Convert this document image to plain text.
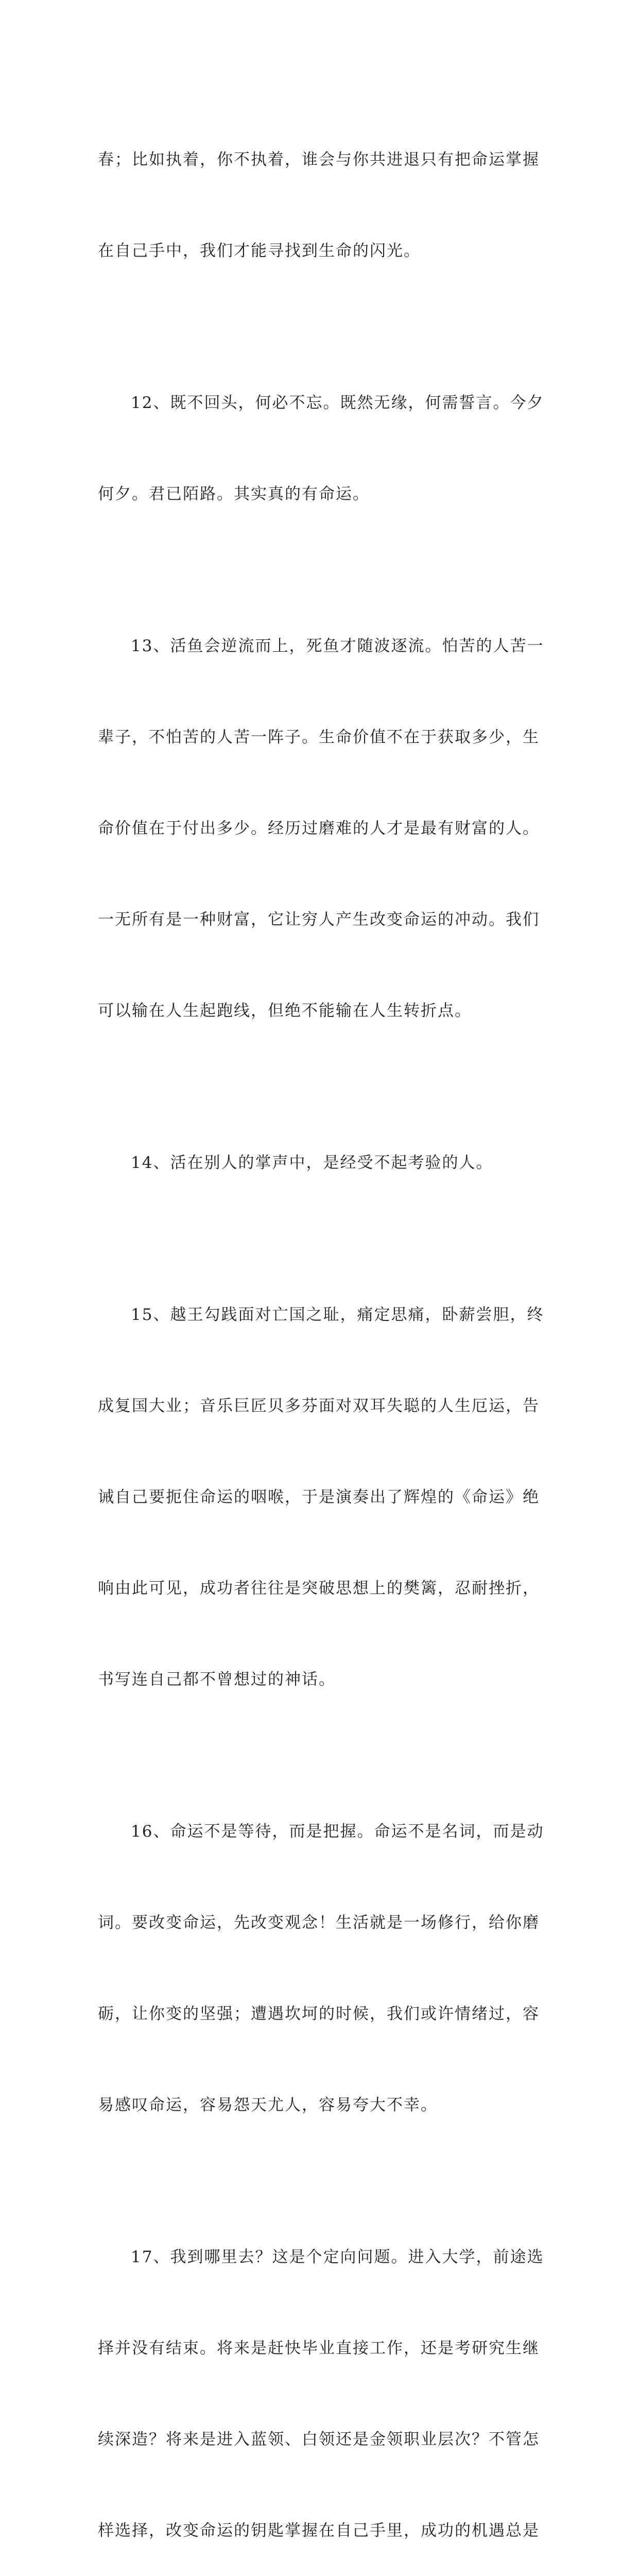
春；比如执着，你不执着，谁会与你共进退只有把命运掌握

在自己手中，我们才能寻找到生命的闪光。

12、既不回头，何必不忘。既然无缘，何需誓言。今夕

何夕。君已陌路。其实真的有命运。

13、活鱼会逆流而上，死鱼才随波逐流。怕苦的人苦一

辈子，不怕苦的人苦一阵子。生命价值不在于获取多少，生

命价值在于付出多少。经历过磨难的人才是最有财富的人。

一无所有是一种财富，它让穷人产生改变命运的冲动。我们

可以输在人生起跑线，但绝不能输在人生转折点。

14、活在别人的掌声中，是经受不起考验的人。

15、越王勾践面对亡国之耻，痛定思痛，卧薪尝胆，终

成复国大业；音乐巨匠贝多芬面对双耳失聪的人生厄运，告

诫自己要扼住命运的咽喉，于是演奏出了辉煌的《命运》绝

响由此可见，成功者往往是突破思想上的樊篱，忍耐挫折，

书写连自己都不曾想过的神话。

16、命运不是等待，而是把握。命运不是名词，而是动

词。要改变命运，先改变观念！生活就是一场修行，给你磨

砺，让你变的坚强；遭遇坎坷的时候，我们或许情绪过，容

易感叹命运，容易怨天尤人，容易夸大不幸。

17、我到哪里去？这是个定向问题。进入大学，前途选

择并没有结束。将来是赶快毕业直接工作，还是考研究生继

续深造？将来是进入蓝领、白领还是金领职业层次？不管怎

样选择，改变命运的钥匙掌握在自己手里，成功的机遇总是
